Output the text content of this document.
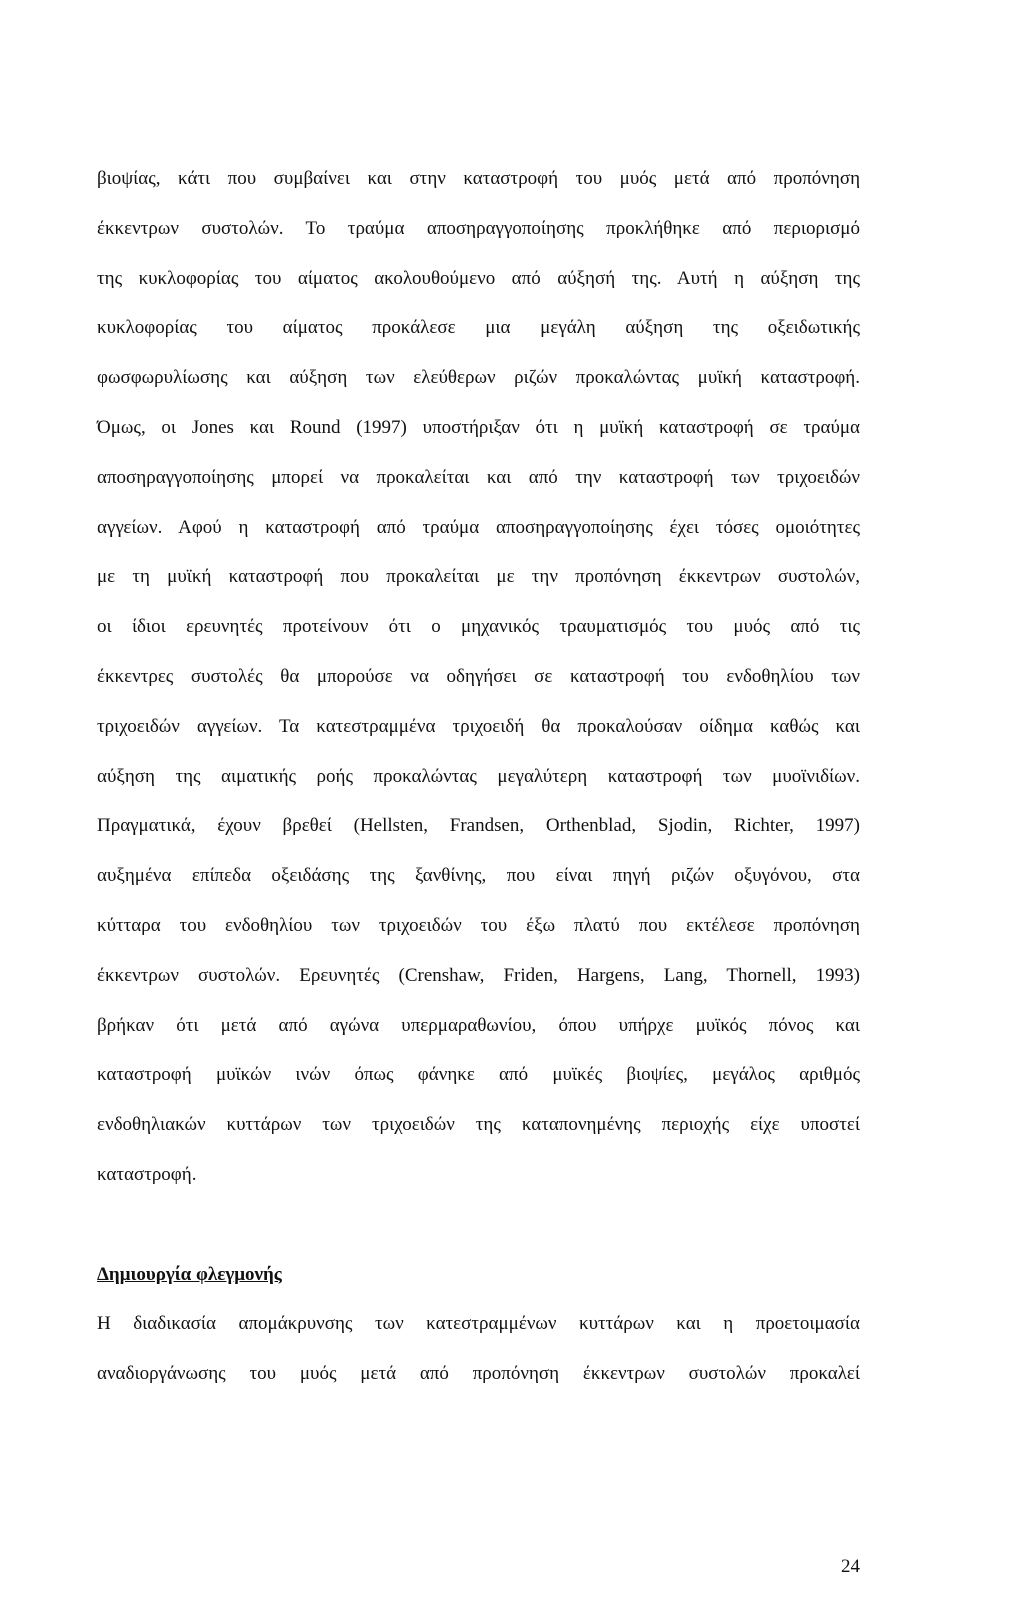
βιοψίας, κάτι που συμβαίνει και στην καταστροφή του μυός μετά από προπόνηση
έκκεντρων συστολών. Το τραύμα αποσηραγγοποίησης προκλήθηκε από περιορισμό
της κυκλοφορίας του αίματος ακολουθούμενο από αύξησή της. Αυτή η αύξηση της
κυκλοφορίας του αίματος προκάλεσε μια μεγάλη αύξηση της οξειδωτικής
φωσφωρυλίωσης και αύξηση των ελεύθερων ριζών προκαλώντας μυϊκή καταστροφή.
Όμως, οι Jones και Round (1997) υποστήριξαν ότι η μυϊκή καταστροφή σε τραύμα
αποσηραγγοποίησης μπορεί να προκαλείται και από την καταστροφή των τριχοειδών
αγγείων. Αφού η καταστροφή από τραύμα αποσηραγγοποίησης έχει τόσες ομοιότητες
με τη μυϊκή καταστροφή που προκαλείται με την προπόνηση έκκεντρων συστολών,
οι ίδιοι ερευνητές προτείνουν ότι ο μηχανικός τραυματισμός του μυός από τις
έκκεντρες συστολές θα μπορούσε να οδηγήσει σε καταστροφή του ενδοθηλίου των
τριχοειδών αγγείων. Τα κατεστραμμένα τριχοειδή θα προκαλούσαν οίδημα καθώς και
αύξηση της αιματικής ροής προκαλώντας μεγαλύτερη καταστροφή των μυοϊνιδίων.
Πραγματικά, έχουν βρεθεί (Hellsten, Frandsen, Orthenblad, Sjodin, Richter, 1997)
αυξημένα επίπεδα οξειδάσης της ξανθίνης, που είναι πηγή ριζών οξυγόνου, στα
κύτταρα του ενδοθηλίου των τριχοειδών του έξω πλατύ που εκτέλεσε προπόνηση
έκκεντρων συστολών. Ερευνητές (Crenshaw, Friden, Hargens, Lang, Thornell, 1993)
βρήκαν ότι μετά από αγώνα υπερμαραθωνίου, όπου υπήρχε μυϊκός πόνος και
καταστροφή μυϊκών ινών όπως φάνηκε από μυϊκές βιοψίες, μεγάλος αριθμός
ενδοθηλιακών κυττάρων των τριχοειδών της καταπονημένης περιοχής είχε υποστεί
καταστροφή.
Δημιουργία φλεγμονής
Η διαδικασία απομάκρυνσης των κατεστραμμένων κυττάρων και η προετοιμασία
αναδιοργάνωσης του μυός μετά από προπόνηση έκκεντρων συστολών προκαλεί
24
